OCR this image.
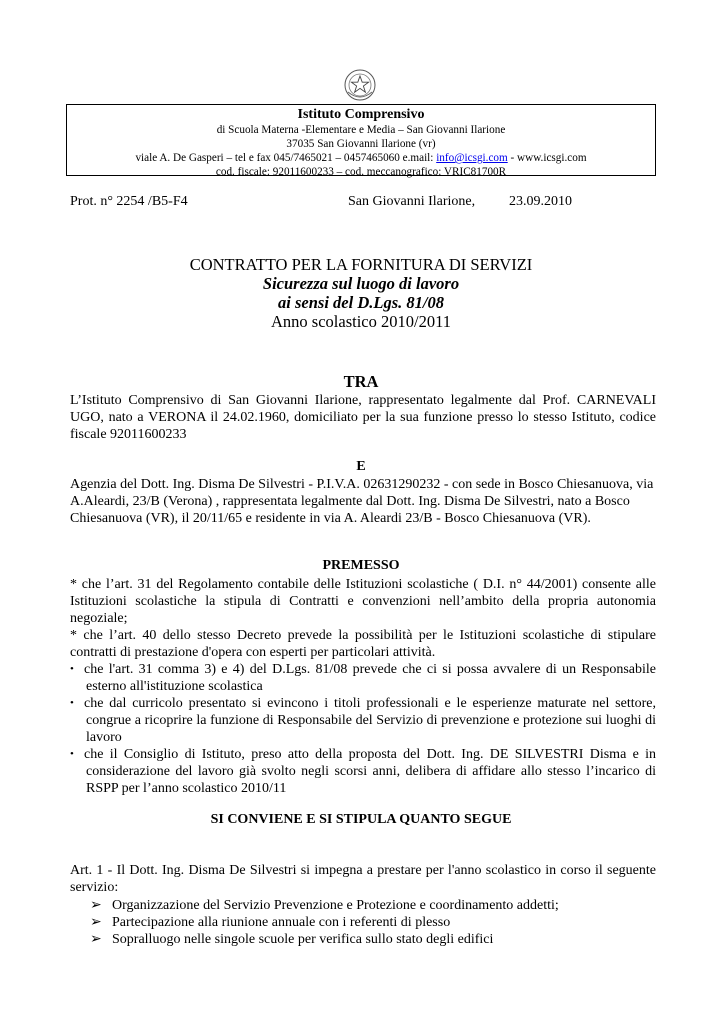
Istituto Comprensivo
di Scuola Materna -Elementare e Media – San Giovanni Ilarione
37035 San Giovanni Ilarione (vr)
viale A. De Gasperi – tel e fax 045/7465021 – 0457465060 e.mail: info@icsgi.com - www.icsgi.com
cod. fiscale: 92011600233 – cod. meccanografico: VRIC81700R
Prot. n° 2254 /B5-F4	San Giovanni Ilarione, 23.09.2010
CONTRATTO PER LA FORNITURA DI SERVIZI
Sicurezza sul luogo di lavoro
ai sensi del D.Lgs. 81/08
Anno scolastico 2010/2011
TRA
L’Istituto Comprensivo di San Giovanni Ilarione, rappresentato legalmente dal Prof. CARNEVALI UGO, nato a VERONA il 24.02.1960, domiciliato per la sua funzione presso lo stesso Istituto, codice fiscale 92011600233
E
Agenzia del Dott. Ing. Disma De Silvestri - P.I.V.A. 02631290232 - con sede in Bosco Chiesanuova, via A.Aleardi, 23/B (Verona) , rappresentata legalmente dal Dott. Ing. Disma De Silvestri, nato a Bosco Chiesanuova (VR), il 20/11/65 e residente in via A. Aleardi 23/B - Bosco Chiesanuova (VR).
PREMESSO
* che l’art. 31 del Regolamento contabile delle Istituzioni scolastiche ( D.I. n° 44/2001) consente alle Istituzioni scolastiche la stipula di Contratti e convenzioni nell’ambito della propria autonomia negoziale;
* che l’art. 40 dello stesso Decreto prevede la possibilità per le Istituzioni scolastiche di stipulare contratti di prestazione d'opera con esperti per particolari attività.
• che l'art. 31 comma 3) e 4) del D.Lgs. 81/08 prevede che ci si possa avvalere di un Responsabile esterno all'istituzione scolastica
• che dal curricolo presentato si evincono i titoli professionali e le esperienze maturate nel settore, congrue a ricoprire la funzione di Responsabile del Servizio di prevenzione e protezione sui luoghi di lavoro
• che il Consiglio di Istituto, preso atto della proposta del Dott. Ing. DE SILVESTRI Disma e in considerazione del lavoro già svolto negli scorsi anni, delibera di affidare allo stesso l’incarico di RSPP per l’anno scolastico 2010/11
SI CONVIENE E SI STIPULA QUANTO SEGUE
Art. 1 - Il Dott. Ing. Disma De Silvestri si impegna a prestare per l'anno scolastico in corso il seguente servizio:
➢ Organizzazione del Servizio Prevenzione e Protezione e coordinamento addetti;
➢ Partecipazione alla riunione annuale con i referenti di plesso
➢ Sopralluogo nelle singole scuole per verifica sullo stato degli edifici
